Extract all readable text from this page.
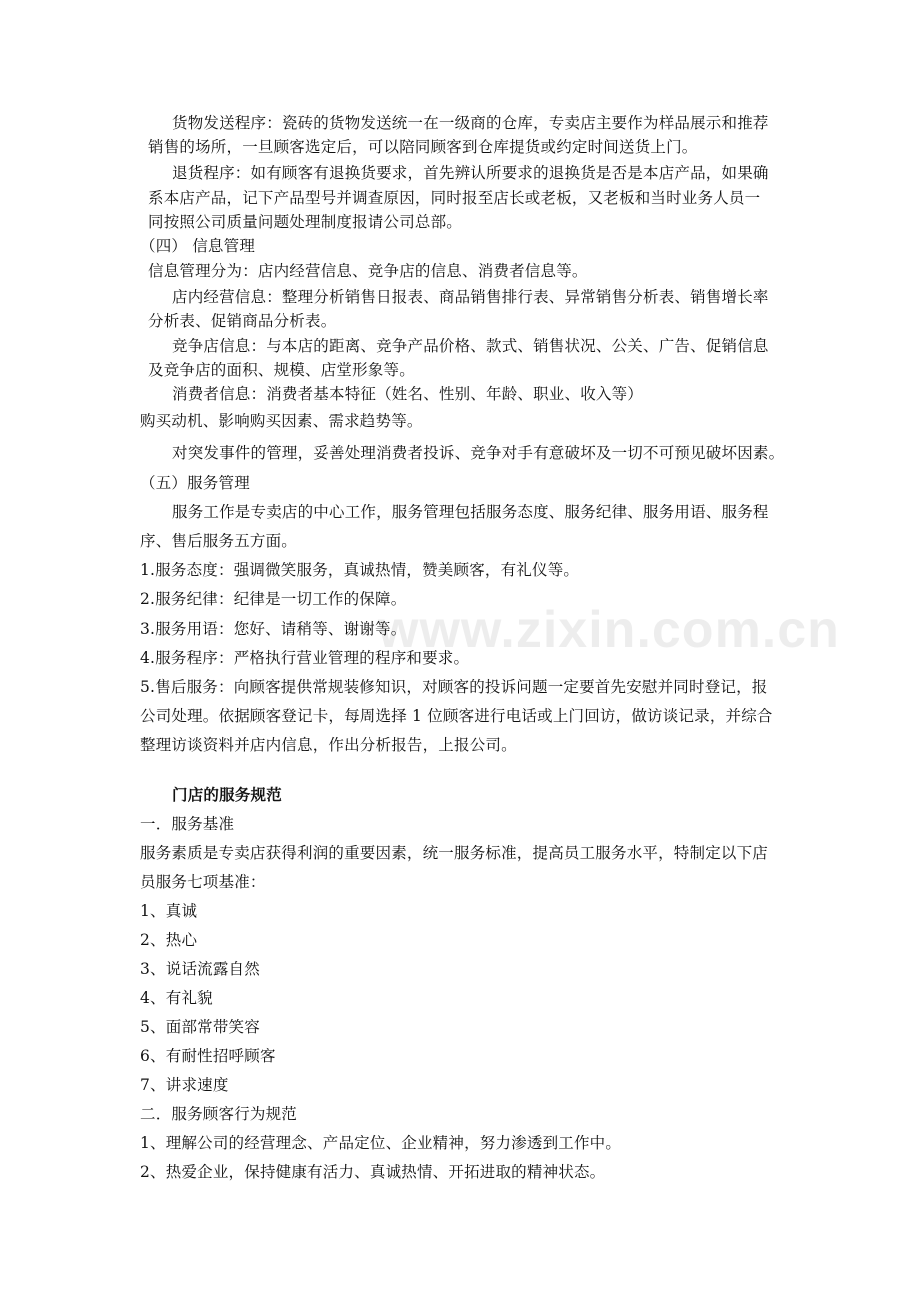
www.zixin.com.cn
货物发送程序：瓷砖的货物发送统一在一级商的仓库，专卖店主要作为样品展示和推荐
销售的场所，一旦顾客选定后，可以陪同顾客到仓库提货或约定时间送货上门。
退货程序：如有顾客有退换货要求，首先辨认所要求的退换货是否是本店产品，如果确
系本店产品，记下产品型号并调查原因，同时报至店长或老板，又老板和当时业务人员一
同按照公司质量问题处理制度报请公司总部。
（四） 信息管理
信息管理分为：店内经营信息、竞争店的信息、消费者信息等。
店内经营信息：整理分析销售日报表、商品销售排行表、异常销售分析表、销售增长率
分析表、促销商品分析表。
竞争店信息：与本店的距离、竞争产品价格、款式、销售状况、公关、广告、促销信息
及竞争店的面积、规模、店堂形象等。
消费者信息：消费者基本特征（姓名、性别、年龄、职业、收入等）
购买动机、影响购买因素、需求趋势等。
对突发事件的管理，妥善处理消费者投诉、竞争对手有意破坏及一切不可预见破坏因素。
（五）服务管理
服务工作是专卖店的中心工作，服务管理包括服务态度、服务纪律、服务用语、服务程
序、售后服务五方面。
1.服务态度：强调微笑服务，真诚热情，赞美顾客，有礼仪等。
2.服务纪律：纪律是一切工作的保障。
3.服务用语：您好、请稍等、谢谢等。
4.服务程序：严格执行营业管理的程序和要求。
5.售后服务：向顾客提供常规装修知识，对顾客的投诉问题一定要首先安慰并同时登记，报
公司处理。依据顾客登记卡，每周选择 1 位顾客进行电话或上门回访，做访谈记录，并综合
整理访谈资料并店内信息，作出分析报告，上报公司。
门店的服务规范
一．服务基准
服务素质是专卖店获得利润的重要因素，统一服务标准，提高员工服务水平，特制定以下店
员服务七项基准：
1、真诚
2、热心
3、说话流露自然
4、有礼貌
5、面部常带笑容
6、有耐性招呼顾客
7、讲求速度
二．服务顾客行为规范
1、理解公司的经营理念、产品定位、企业精神，努力渗透到工作中。
2、热爱企业，保持健康有活力、真诚热情、开拓进取的精神状态。
